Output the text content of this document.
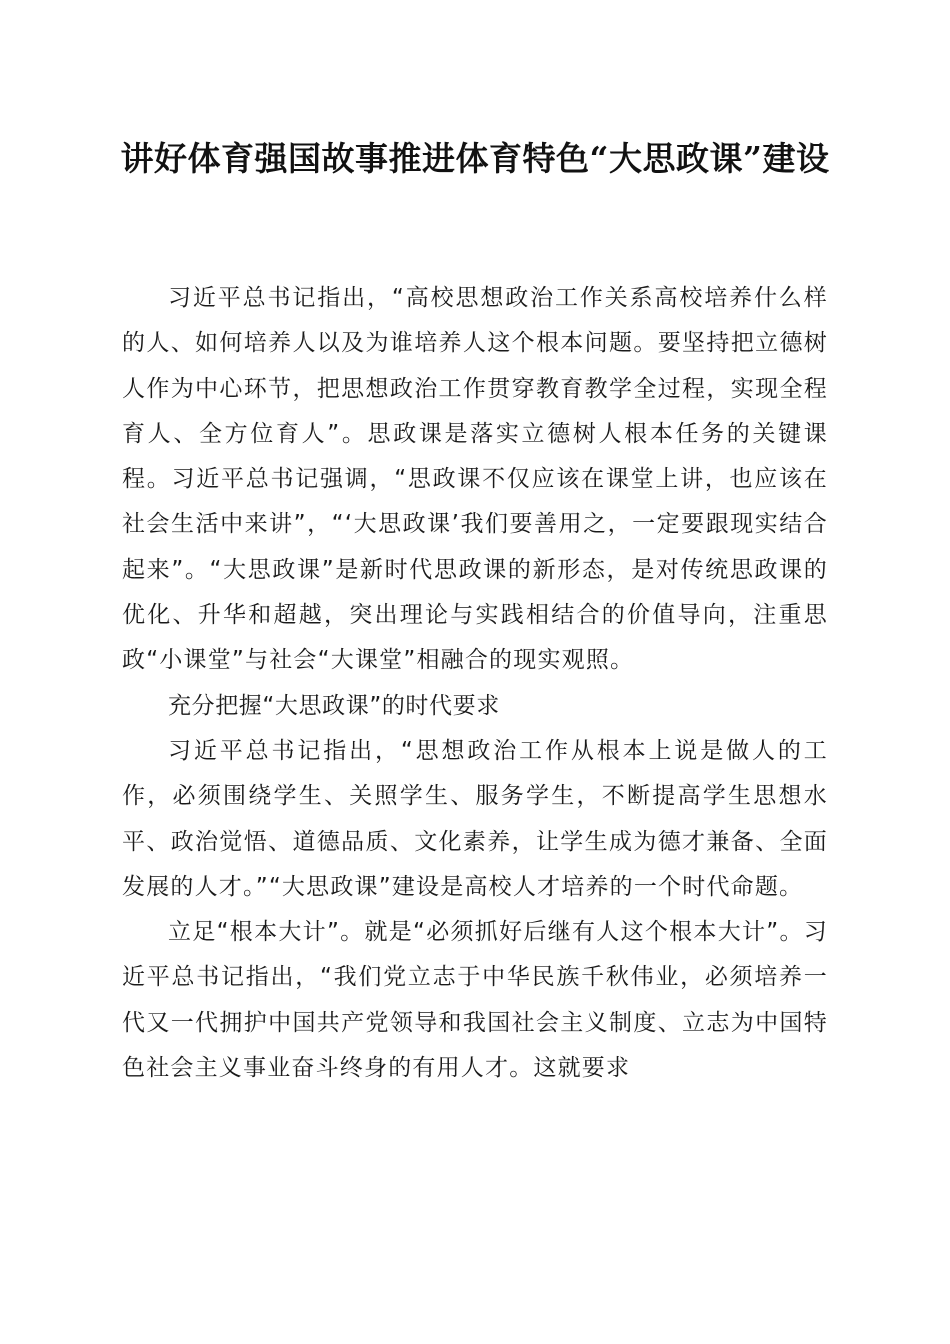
讲好体育强国故事推进体育特色“大思政课”建设

习近平总书记指出，“高校思想政治工作关系高校培养什么样的人、如何培养人以及为谁培养人这个根本问题。要坚持把立德树人作为中心环节，把思想政治工作贯穿教育教学全过程，实现全程育人、全方位育人”。思政课是落实立德树人根本任务的关键课程。习近平总书记强调，“思政课不仅应该在课堂上讲，也应该在社会生活中来讲”，“‘大思政课’我们要善用之，一定要跟现实结合起来”。“大思政课”是新时代思政课的新形态，是对传统思政课的优化、升华和超越，突出理论与实践相结合的价值导向，注重思政“小课堂”与社会“大课堂”相融合的现实观照。

充分把握“大思政课”的时代要求

习近平总书记指出，“思想政治工作从根本上说是做人的工作，必须围绕学生、关照学生、服务学生，不断提高学生思想水平、政治觉悟、道德品质、文化素养，让学生成为德才兼备、全面发展的人才。”“大思政课”建设是高校人才培养的一个时代命题。

立足“根本大计”。就是“必须抓好后继有人这个根本大计”。习近平总书记指出，“我们党立志于中华民族千秋伟业，必须培养一代又一代拥护中国共产党领导和我国社会主义制度、立志为中国特色社会主义事业奋斗终身的有用人才。这就要求
